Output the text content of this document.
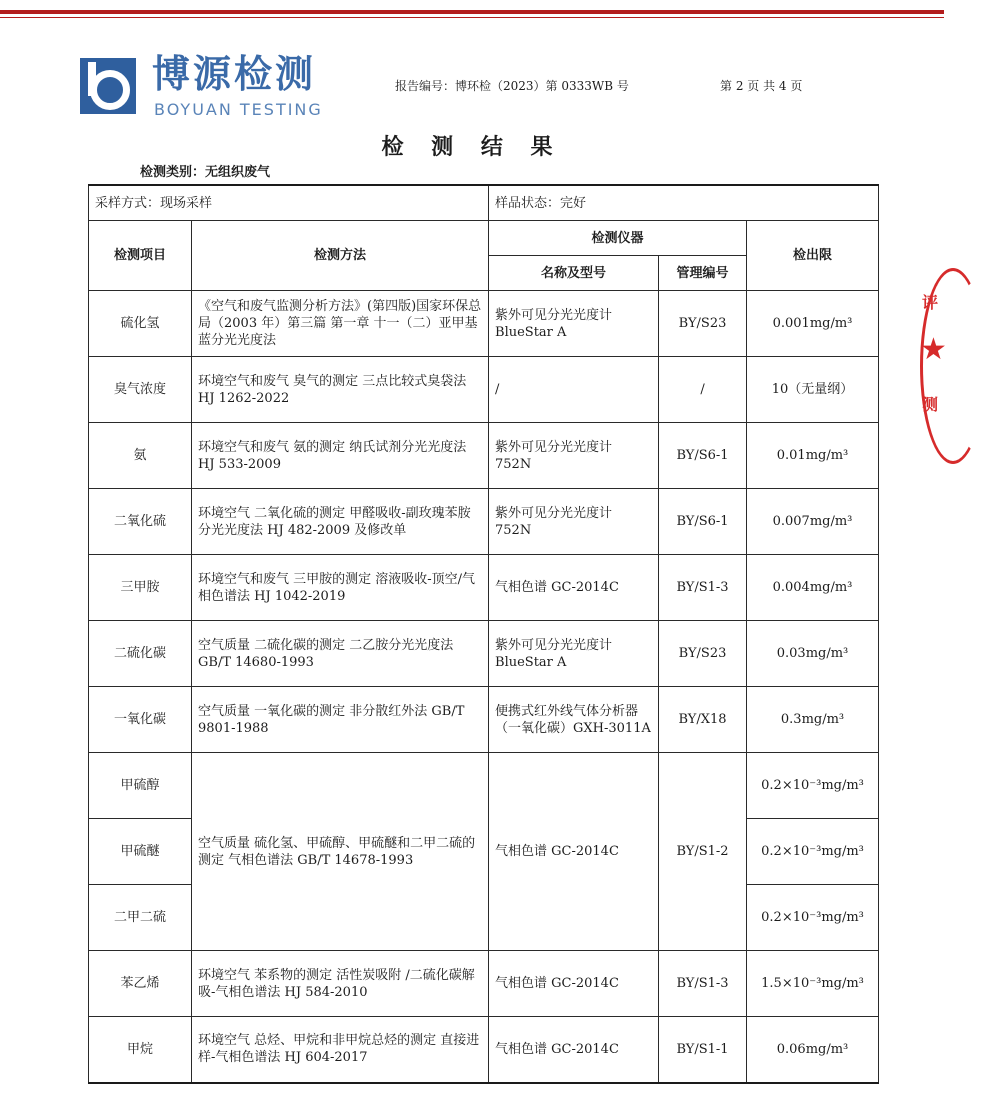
博源检测
BOYUAN TESTING
报告编号：博环检（2023）第 0333WB 号	第 2 页 共 4 页
检 测 结 果
检测类别：无组织废气
采样方式：现场采样		样品状态：完好		
检测项目	检测方法	检测仪器		检出限
		名称及型号	管理编号	
硫化氢	《空气和废气监测分析方法》(第四版)国家环保总局（2003 年）第三篇 第一章 十一（二）亚甲基蓝分光光度法	紫外可见分光光度计 BlueStar A	BY/S23	0.001mg/m³
臭气浓度	环境空气和废气 臭气的测定 三点比较式臭袋法 HJ 1262-2022	/	/	10（无量纲）
氨	环境空气和废气 氨的测定 纳氏试剂分光光度法 HJ 533-2009	紫外可见分光光度计 752N	BY/S6-1	0.01mg/m³
二氧化硫	环境空气 二氧化硫的测定 甲醛吸收-副玫瑰苯胺分光光度法 HJ 482-2009 及修改单	紫外可见分光光度计 752N	BY/S6-1	0.007mg/m³
三甲胺	环境空气和废气 三甲胺的测定 溶液吸收-顶空/气相色谱法 HJ 1042-2019	气相色谱 GC-2014C	BY/S1-3	0.004mg/m³
二硫化碳	空气质量 二硫化碳的测定 二乙胺分光光度法 GB/T 14680-1993	紫外可见分光光度计 BlueStar A	BY/S23	0.03mg/m³
一氧化碳	空气质量 一氧化碳的测定 非分散红外法 GB/T 9801-1988	便携式红外线气体分析器（一氧化碳）GXH-3011A	BY/X18	0.3mg/m³
甲硫醇	空气质量 硫化氢、甲硫醇、甲硫醚和二甲二硫的测定 气相色谱法 GB/T 14678-1993	气相色谱 GC-2014C	BY/S1-2	0.2×10⁻³mg/m³
甲硫醚				0.2×10⁻³mg/m³
二甲二硫				0.2×10⁻³mg/m³
苯乙烯	环境空气 苯系物的测定 活性炭吸附 /二硫化碳解吸-气相色谱法 HJ 584-2010	气相色谱 GC-2014C	BY/S1-3	1.5×10⁻³mg/m³
甲烷	环境空气 总烃、甲烷和非甲烷总烃的测定 直接进样-气相色谱法 HJ 604-2017	气相色谱 GC-2014C	BY/S1-1	0.06mg/m³
评
★
测
